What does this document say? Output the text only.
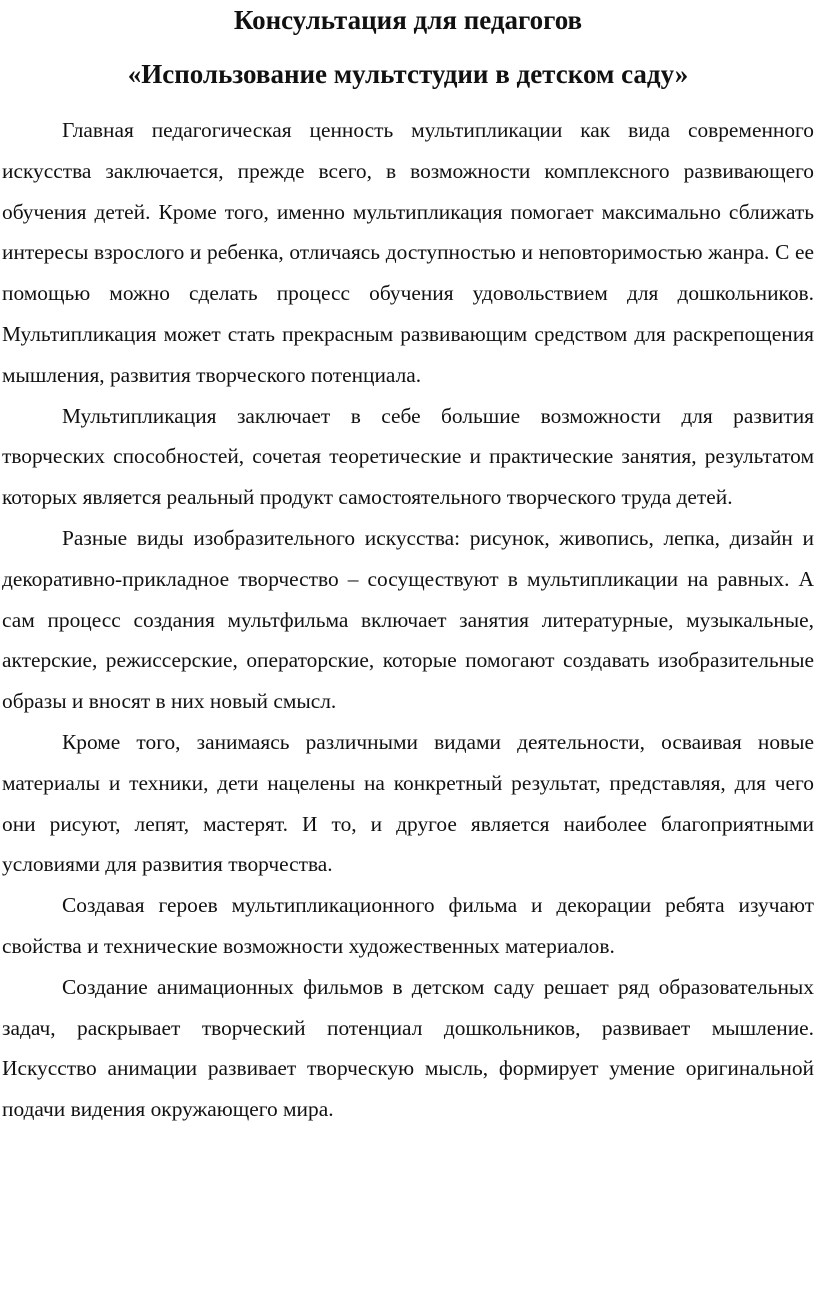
Консультация для педагогов
«Использование мультстудии в детском саду»

Главная педагогическая ценность мультипликации как вида современного искусства заключается, прежде всего, в возможности комплексного развивающего обучения детей. Кроме того, именно мультипликация помогает максимально сближать интересы взрослого и ребенка, отличаясь доступностью и неповторимостью жанра. С ее помощью можно сделать процесс обучения удовольствием для дошкольников. Мультипликация может стать прекрасным развивающим средством для раскрепощения мышления, развития творческого потенциала.

Мультипликация заключает в себе большие возможности для развития творческих способностей, сочетая теоретические и практические занятия, результатом которых является реальный продукт самостоятельного творческого труда детей.

Разные виды изобразительного искусства: рисунок, живопись, лепка, дизайн и декоративно-прикладное творчество – сосуществуют в мультипликации на равных. А сам процесс создания мультфильма включает занятия литературные, музыкальные, актерские, режиссерские, операторские, которые помогают создавать изобразительные образы и вносят в них новый смысл.

Кроме того, занимаясь различными видами деятельности, осваивая новые материалы и техники, дети нацелены на конкретный результат, представляя, для чего они рисуют, лепят, мастерят. И то, и другое является наиболее благоприятными условиями для развития творчества.

Создавая героев мультипликационного фильма и декорации ребята изучают свойства и технические возможности художественных материалов.

Создание анимационных фильмов в детском саду решает ряд образовательных задач, раскрывает творческий потенциал дошкольников, развивает мышление. Искусство анимации развивает творческую мысль, формирует умение оригинальной подачи видения окружающего мира.
